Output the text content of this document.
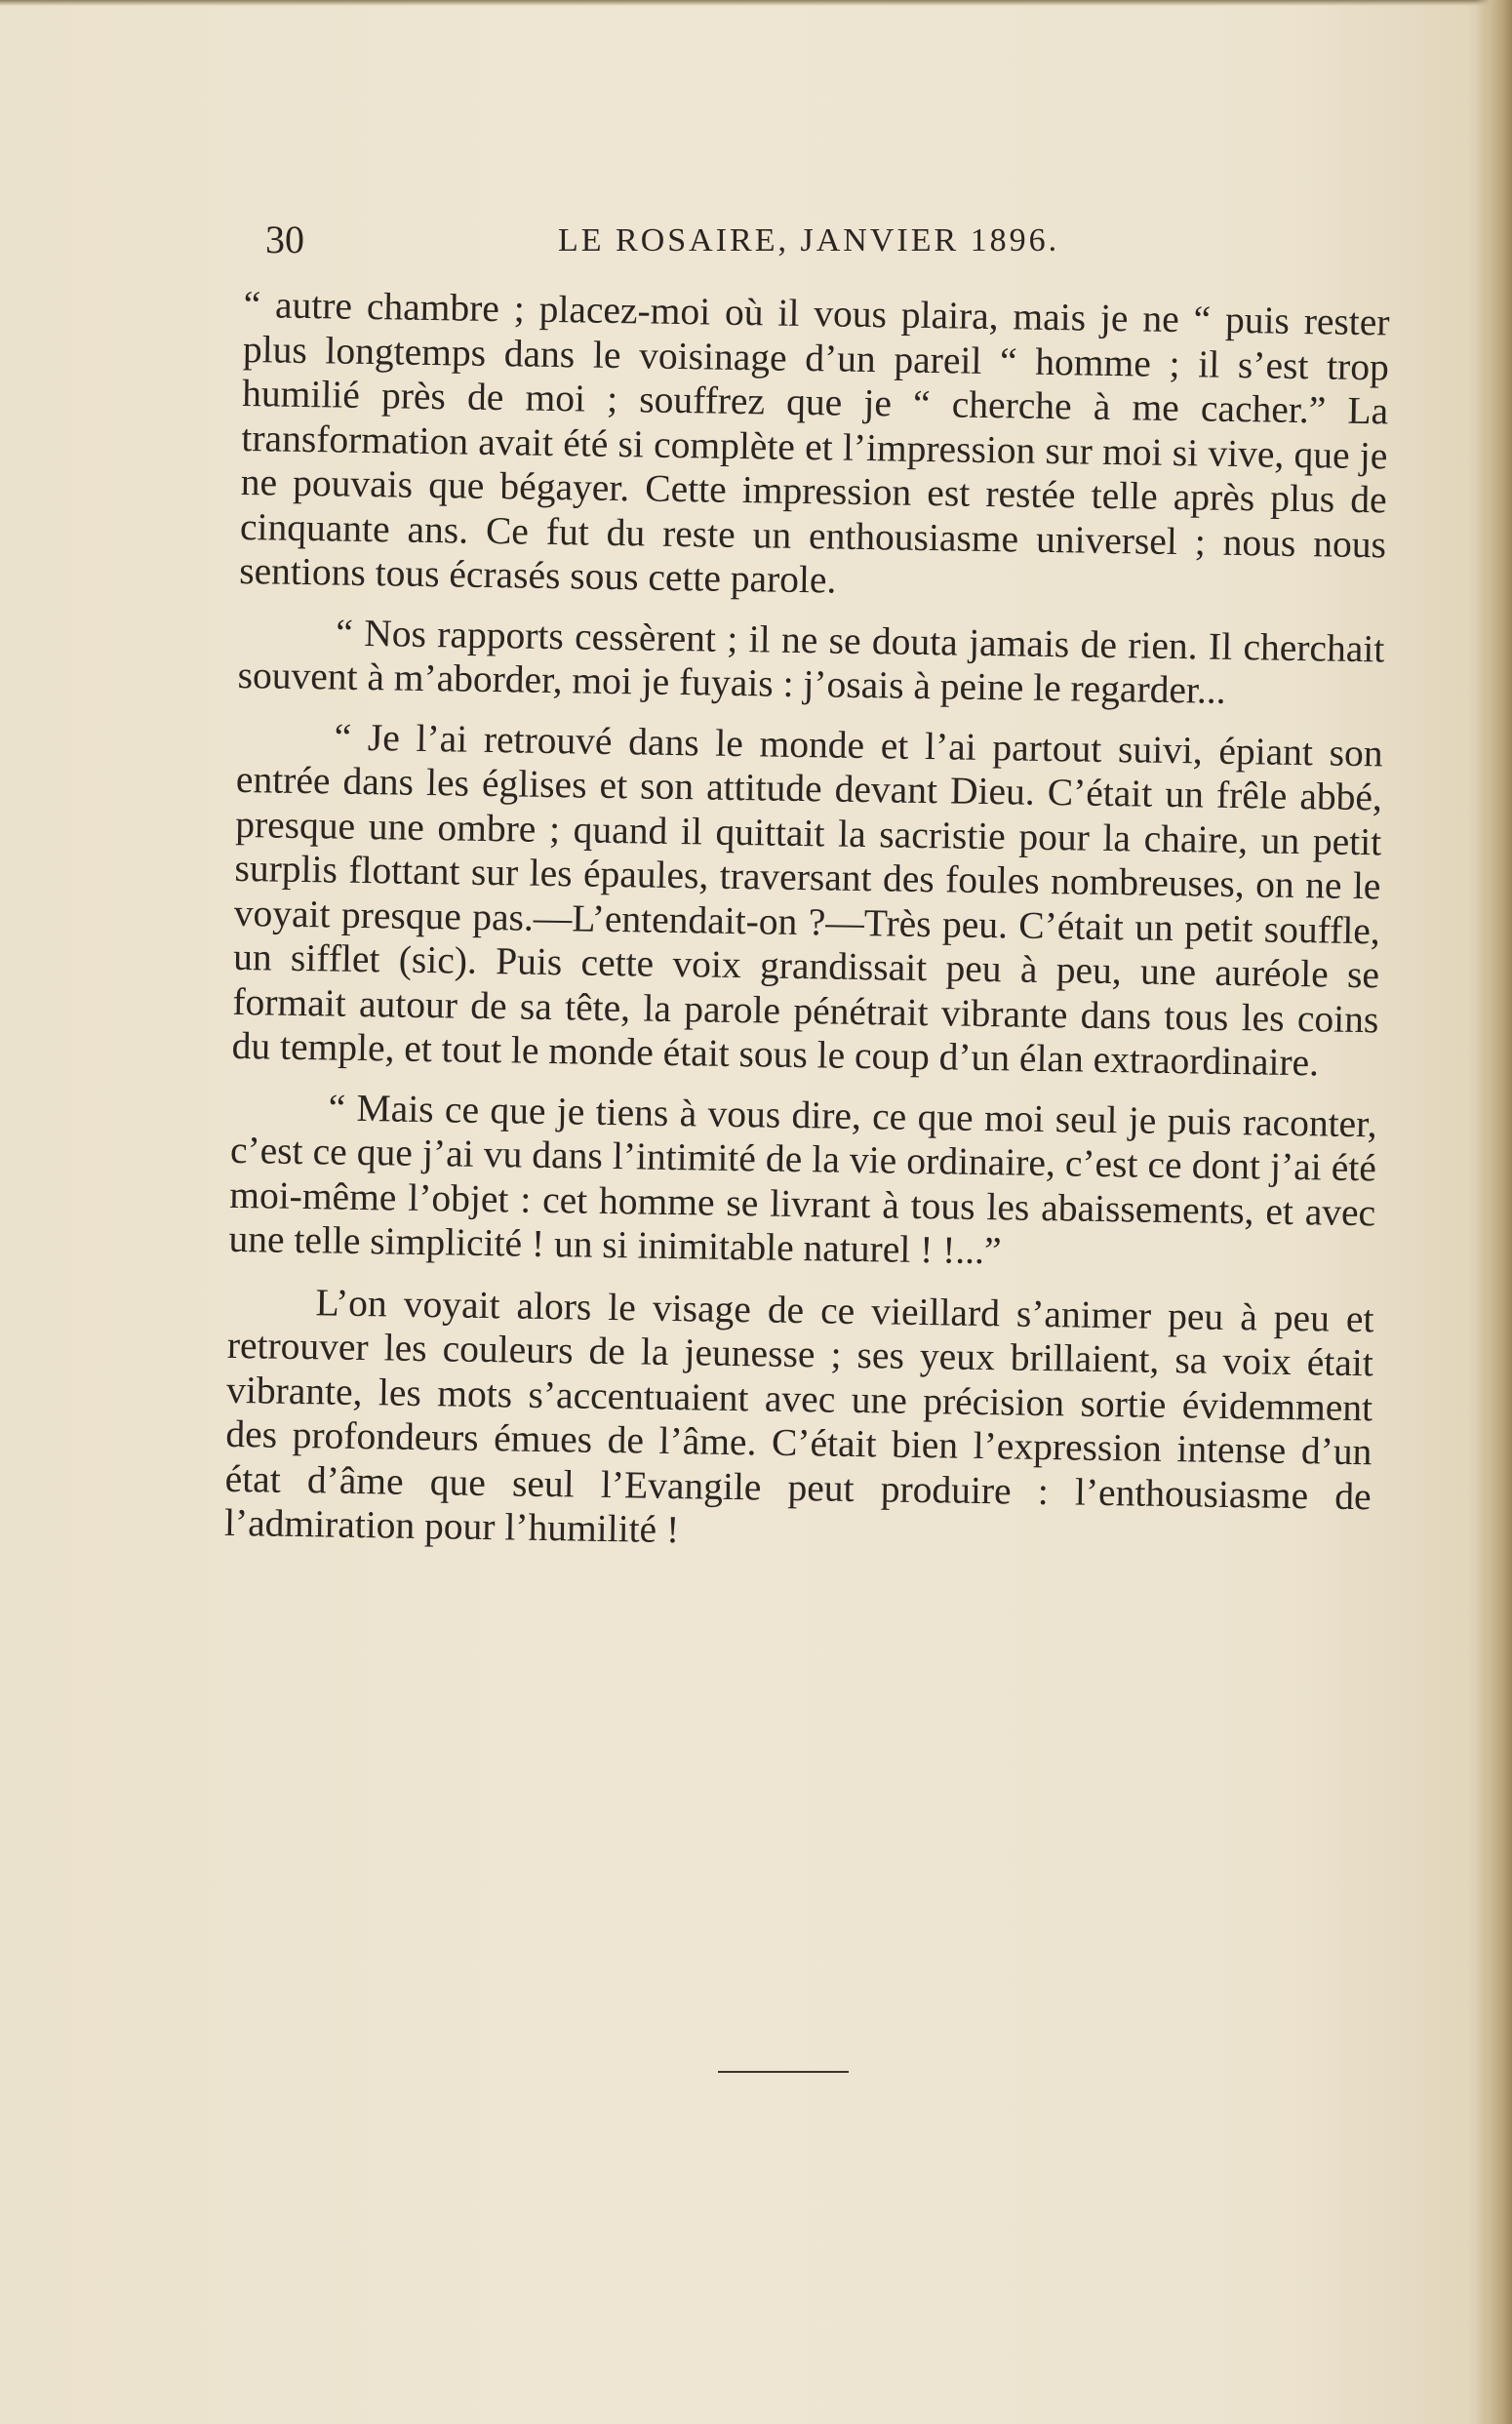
30	LE ROSAIRE, JANVIER 1896.

“ autre chambre ; placez-moi où il vous plaira, mais je ne “ puis rester plus longtemps dans le voisinage d’un pareil “ homme ; il s’est trop humilié près de moi ; souffrez que je “ cherche à me cacher.” La transformation avait été si complète et l’impression sur moi si vive, que je ne pouvais que bégayer. Cette impression est restée telle après plus de cinquante ans. Ce fut du reste un enthousiasme universel ; nous nous sentions tous écrasés sous cette parole.

“ Nos rapports cessèrent ; il ne se douta jamais de rien. Il cherchait souvent à m’aborder, moi je fuyais : j’osais à peine le regarder...

“ Je l’ai retrouvé dans le monde et l’ai partout suivi, épiant son entrée dans les églises et son attitude devant Dieu. C’était un frêle abbé, presque une ombre ; quand il quittait la sacristie pour la chaire, un petit surplis flottant sur les épaules, traversant des foules nombreuses, on ne le voyait presque pas.—L’entendait-on ?—Très peu. C’était un petit souffle, un sifflet (sic). Puis cette voix grandissait peu à peu, une auréole se formait autour de sa tête, la parole pénétrait vibrante dans tous les coins du temple, et tout le monde était sous le coup d’un élan extraordinaire.

“ Mais ce que je tiens à vous dire, ce que moi seul je puis raconter, c’est ce que j’ai vu dans l’intimité de la vie ordinaire, c’est ce dont j’ai été moi-même l’objet : cet homme se livrant à tous les abaissements, et avec une telle simplicité ! un si inimitable naturel ! !...”

L’on voyait alors le visage de ce vieillard s’animer peu à peu et retrouver les couleurs de la jeunesse ; ses yeux brillaient, sa voix était vibrante, les mots s’accentuaient avec une précision sortie évidemment des profondeurs émues de l’âme. C’était bien l’expression intense d’un état d’âme que seul l’Evangile peut produire : l’enthousiasme de l’admiration pour l’humilité !
